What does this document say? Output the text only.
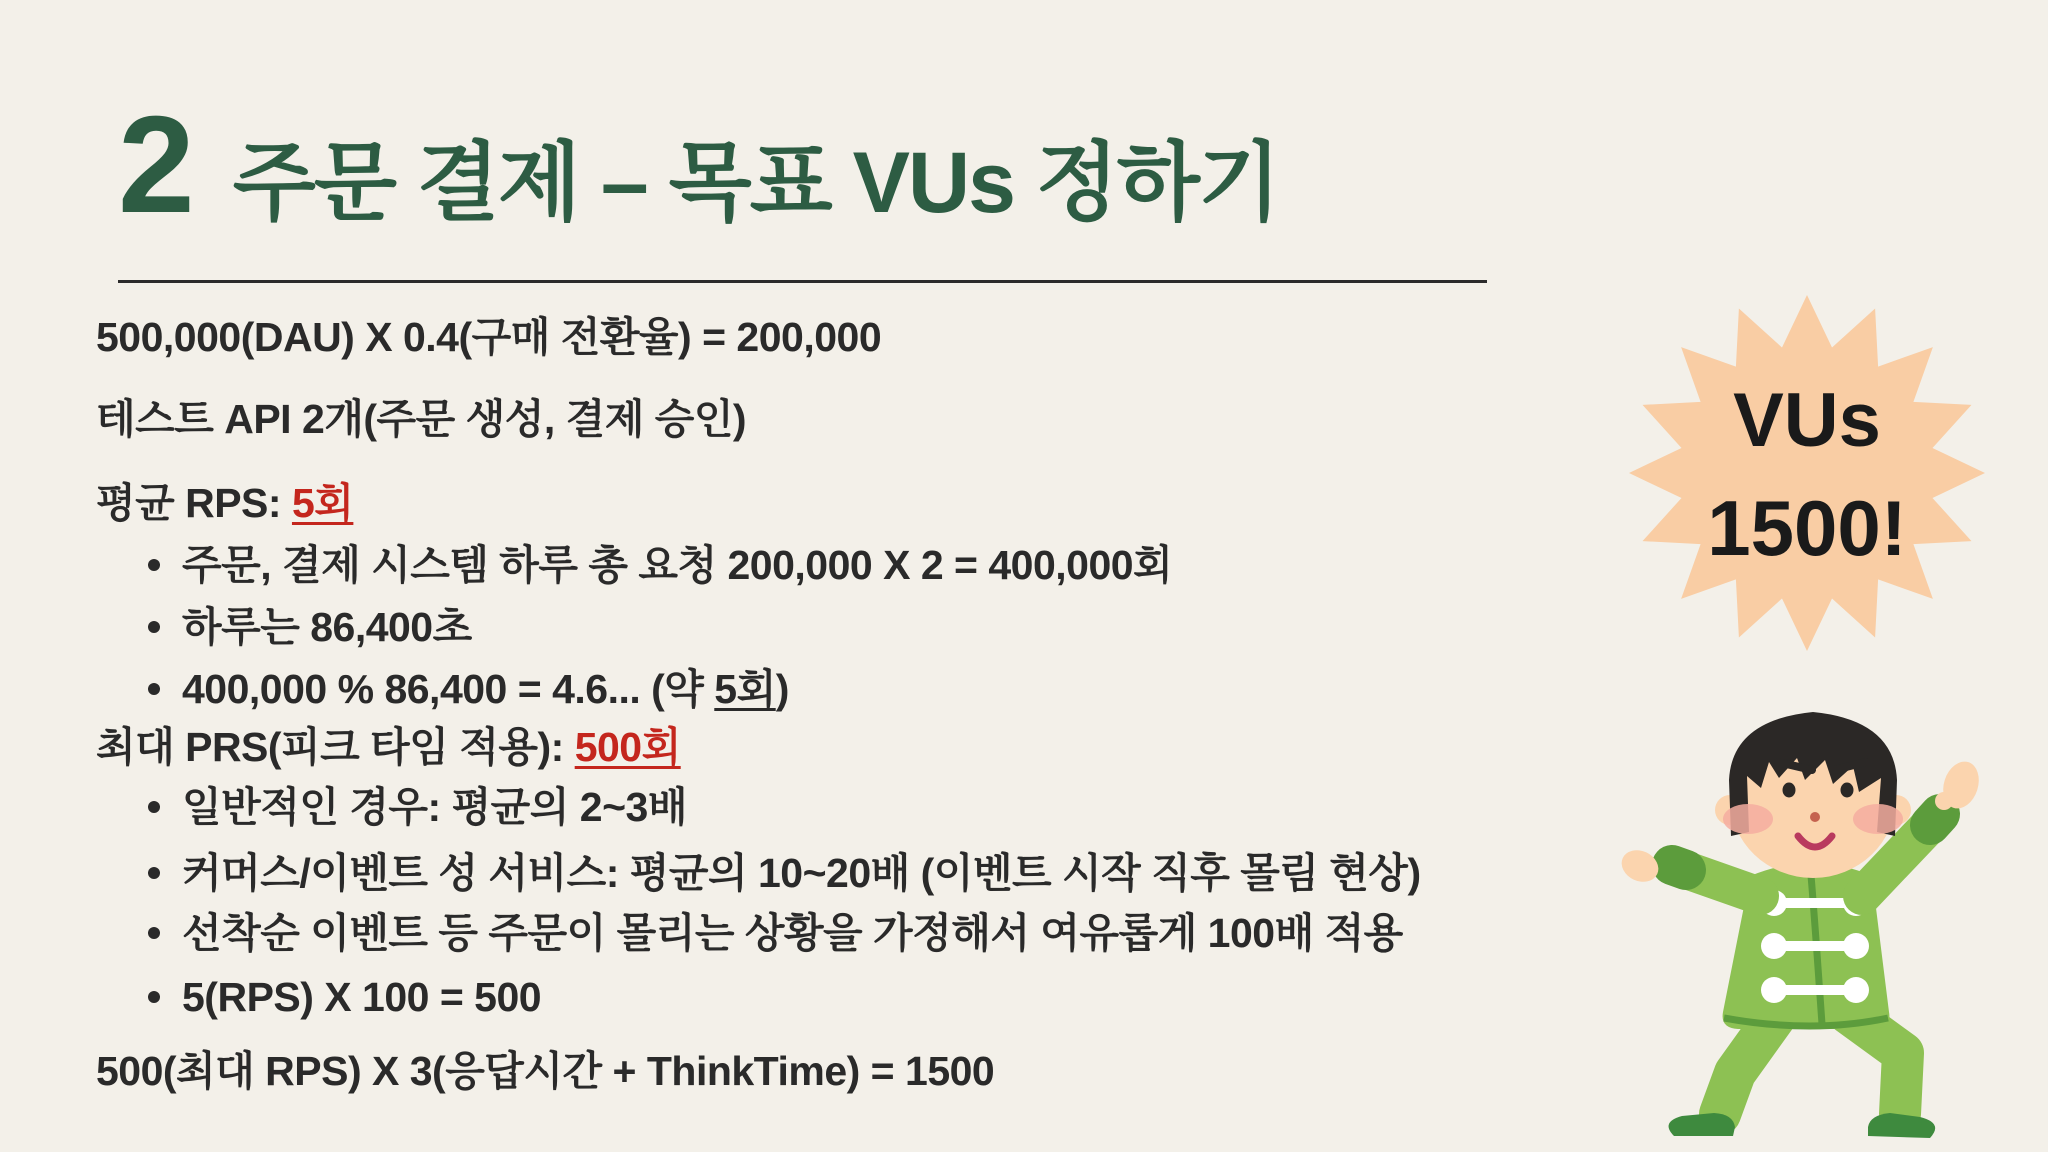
2 주문 결제 – 목표 VUs 정하기
500,000(DAU) X 0.4(구매 전환율) = 200,000
테스트 API 2개(주문 생성, 결제 승인)
평균 RPS: 5회
주문, 결제 시스템 하루 총 요청 200,000 X 2 = 400,000회
하루는 86,400초
400,000 % 86,400 = 4.6... (약 5회)
최대 PRS(피크 타임 적용): 500회
일반적인 경우: 평균의 2~3배
커머스/이벤트 성 서비스: 평균의 10~20배 (이벤트 시작 직후 몰림 현상)
선착순 이벤트 등 주문이 몰리는 상황을 가정해서 여유롭게 100배 적용
5(RPS) X 100 = 500
500(최대 RPS) X 3(응답시간 + ThinkTime) = 1500
VUs
1500!
